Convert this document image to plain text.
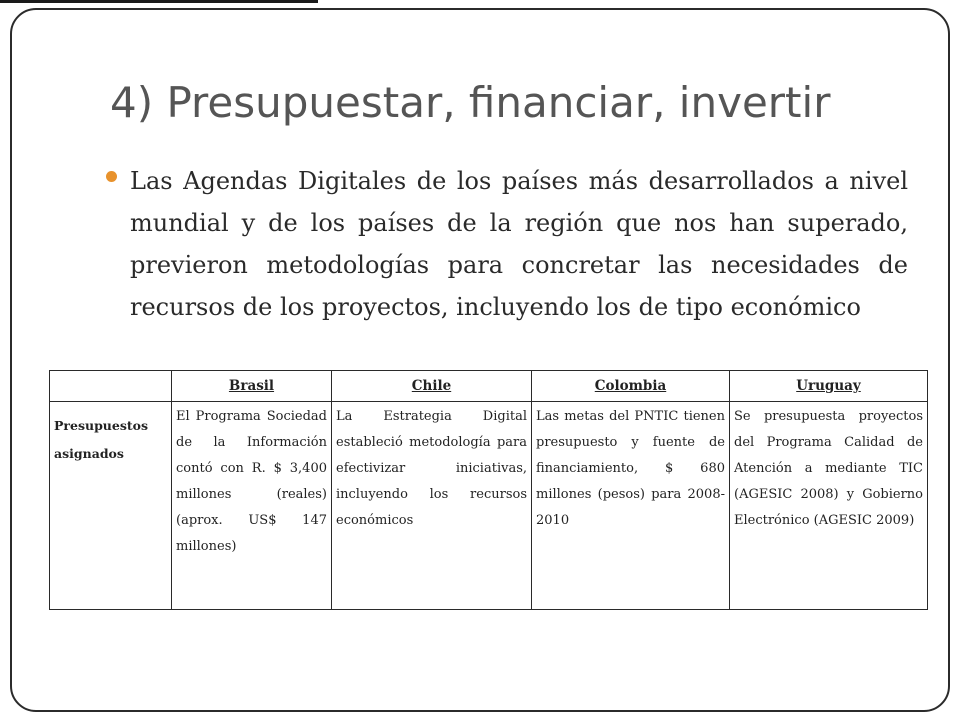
4) Presupuestar, financiar, invertir

Las Agendas Digitales de los países más desarrollados a nivel mundial y de los países de la región que nos han superado, previeron metodologías para concretar las necesidades de recursos de los proyectos, incluyendo los de tipo económico

	Brasil	Chile	Colombia	Uruguay
Presupuestos asignados	El Programa Sociedad de la Información contó con R. $ 3,400 millones (reales) (aprox. US$ 147 millones)	La Estrategia Digital estableció metodología para efectivizar iniciativas, incluyendo los recursos económicos	Las metas del PNTIC tienen presupuesto y fuente de financiamiento, $ 680 millones (pesos) para 2008-2010	Se presupuesta proyectos del Programa Calidad de Atención a mediante TIC (AGESIC 2008) y Gobierno Electrónico (AGESIC 2009)
